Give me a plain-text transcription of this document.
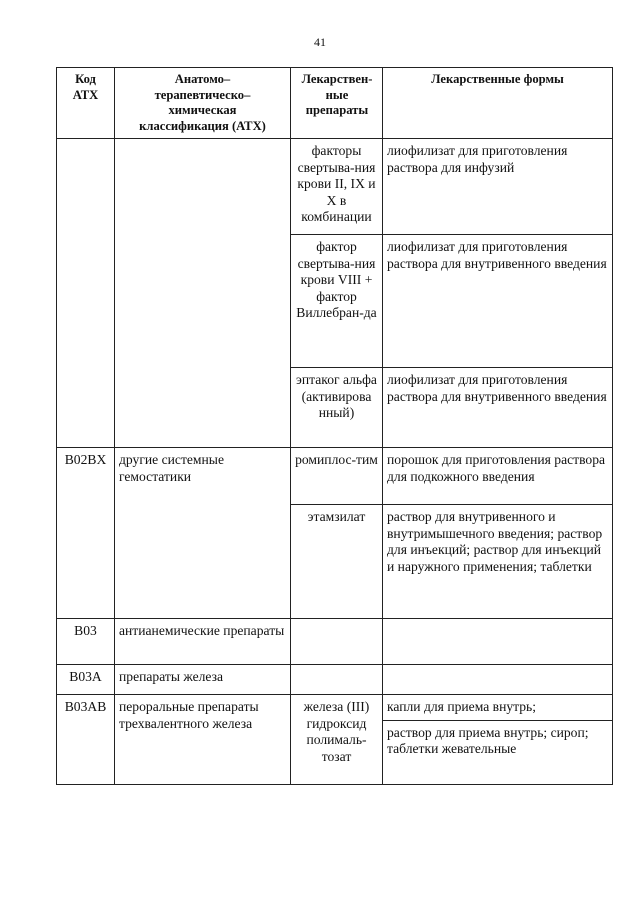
41
Код АТХ	Анатомо–терапевтическо–химическая классификация (АТХ)	Лекарствен-ные препараты	Лекарственные формы

		факторы свертыва-ния крови II, IX и X в комбинации	лиофилизат для приготовления раствора для инфузий

		фактор свертыва-ния крови VIII + фактор Виллебран-да	лиофилизат для приготовления раствора для внутривенного введения

		эптаког альфа (активирова нный)	лиофилизат для приготовления раствора для внутривенного введения

B02BX	другие системные гемостатики	ромиплос-тим	порошок для приготовления раствора для подкожного введения

		этамзилат	раствор для внутривенного и внутримышечного введения; раствор для инъекций; раствор для инъекций и наружного применения; таблетки

B03	антианемические препараты		

B03A	препараты железа		

B03AB	пероральные препараты трехвалентного железа	железа (III) гидроксид полималь-тозат	капли для приема внутрь;

			раствор для приема внутрь; сироп; таблетки жевательные
